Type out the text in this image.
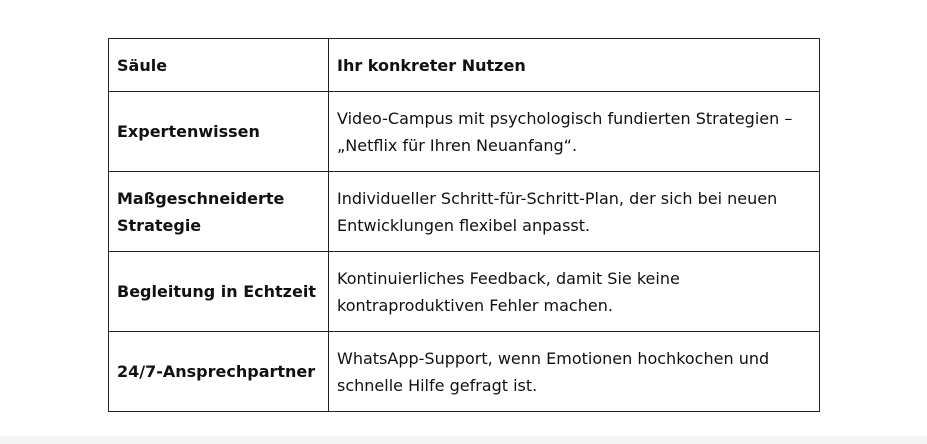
Säule	Ihr konkreter Nutzen
Expertenwissen	Video-Campus mit psychologisch fundierten Strategien – „Netflix für Ihren Neuanfang“.
Maßgeschneiderte Strategie	Individueller Schritt-für-Schritt-Plan, der sich bei neuen Entwicklungen flexibel anpasst.
Begleitung in Echtzeit	Kontinuierliches Feedback, damit Sie keine kontraproduktiven Fehler machen.
24/7-Ansprechpartner	WhatsApp-Support, wenn Emotionen hochkochen und schnelle Hilfe gefragt ist.
